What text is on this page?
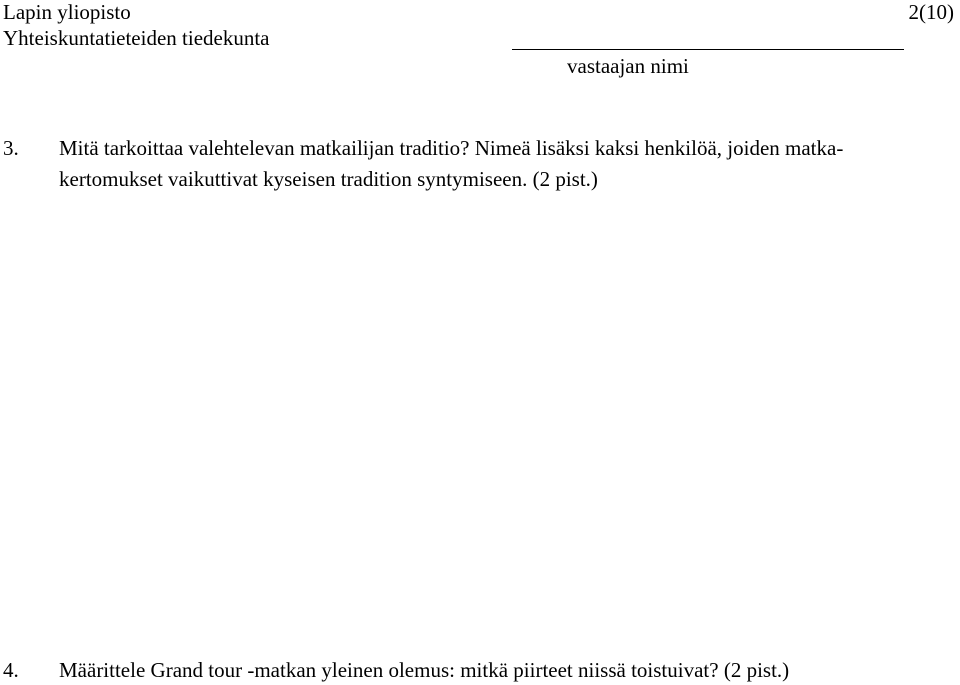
Lapin yliopisto	2(10)
Yhteiskuntatieteiden tiedekunta
vastaajan nimi
3. Mitä tarkoittaa valehtelevan matkailijan traditio? Nimeä lisäksi kaksi henkilöä, joiden matka-
kertomukset vaikuttivat kyseisen tradition syntymiseen. (2 pist.)
4. Määrittele Grand tour -matkan yleinen olemus: mitkä piirteet niissä toistuivat? (2 pist.)
